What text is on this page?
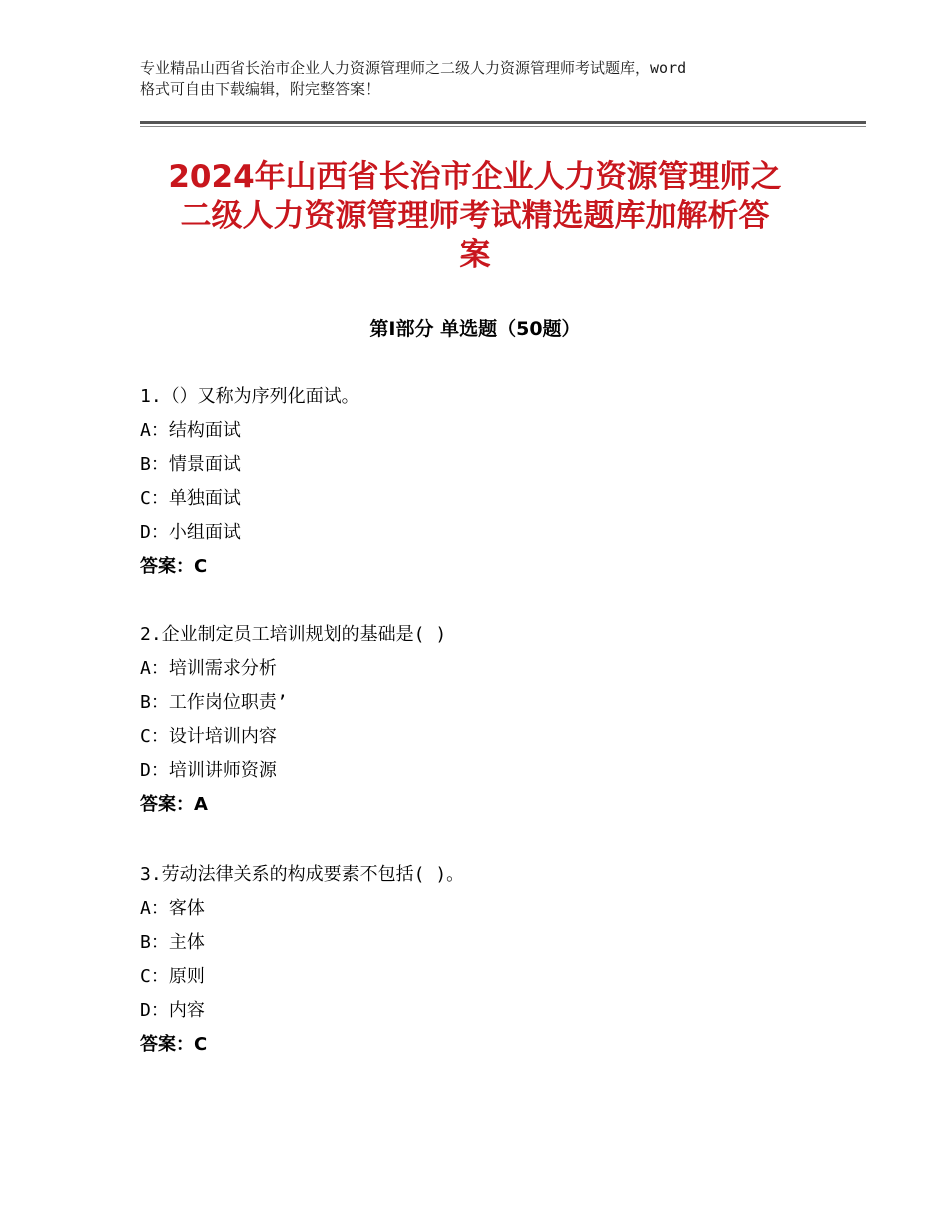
专业精品山西省长治市企业人力资源管理师之二级人力资源管理师考试题库，word
格式可自由下载编辑，附完整答案！
2024年山西省长治市企业人力资源管理师之
二级人力资源管理师考试精选题库加解析答
案
第Ⅰ部分 单选题（50题）
1.（）又称为序列化面试。
A：结构面试
B：情景面试
C：单独面试
D：小组面试
答案：C
2.企业制定员工培训规划的基础是( )
A：培训需求分析
B：工作岗位职责’
C：设计培训内容
D：培训讲师资源
答案：A
3.劳动法律关系的构成要素不包括( )。
A：客体
B：主体
C：原则
D：内容
答案：C
